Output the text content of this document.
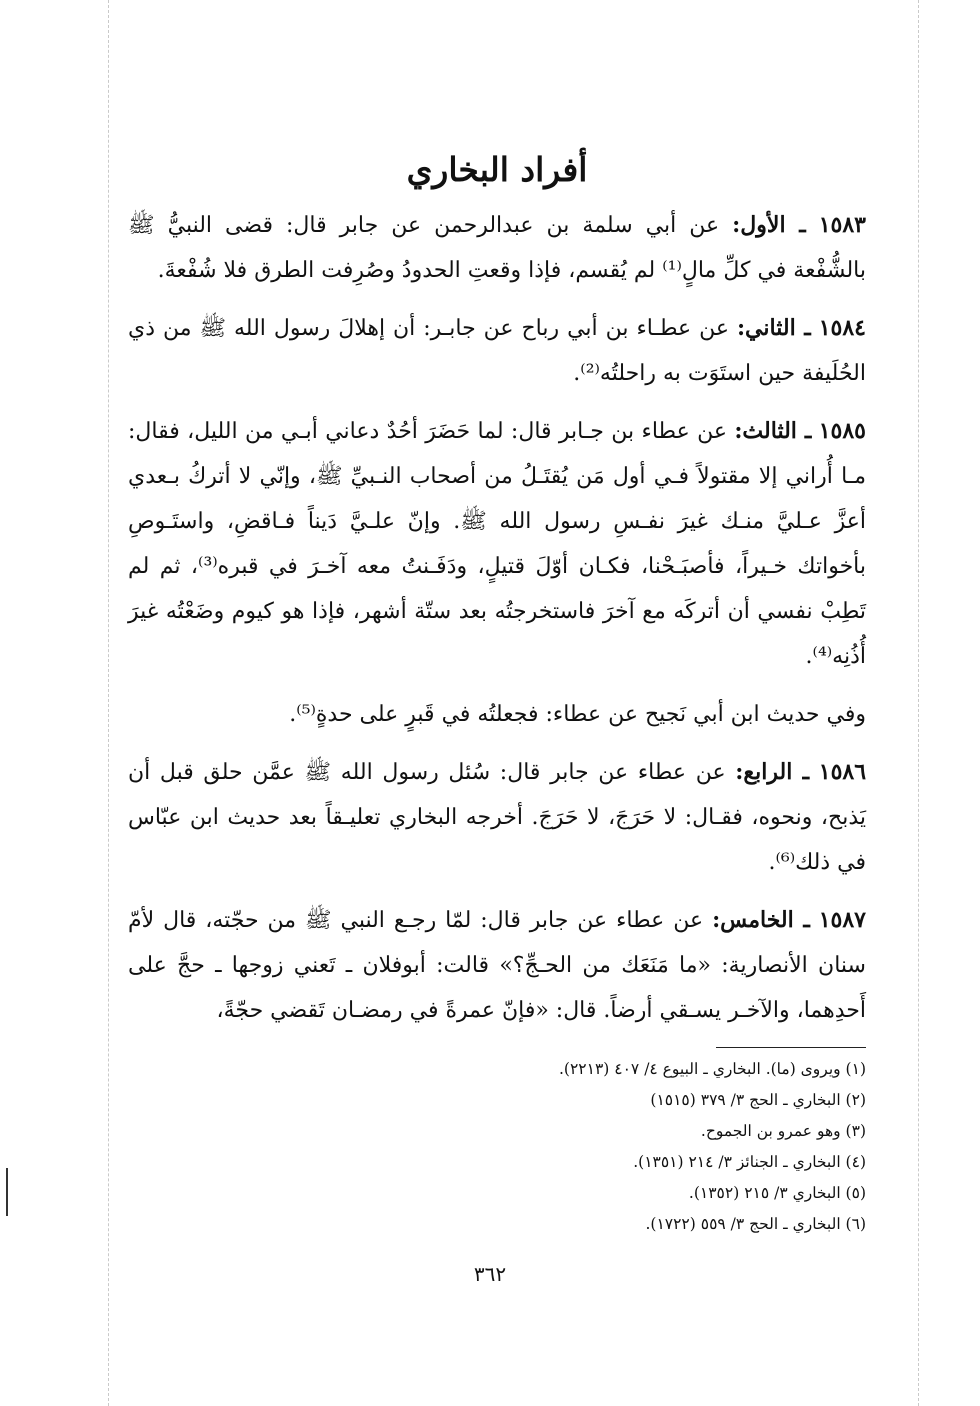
أفراد البخاري

١٥٨٣ ـ الأول: عن أبي سلمة بن عبدالرحمن عن جابر قال: قضى النبيُّ ﷺ بالشُّفْعة في كلِّ مالٍ⁽¹⁾ لم يُقسم، فإذا وقعتِ الحدودُ وصُرِفت الطرق فلا شُفْعةَ.

١٥٨٤ ـ الثاني: عن عطـاء بن أبي رباح عن جابـر: أن إهلالَ رسول الله ﷺ من ذي الحُلَيفة حين استَوَت به راحلتُه⁽²⁾.

١٥٨٥ ـ الثالث: عن عطاء بن جـابر قال: لما حَضَرَ أحُدٌ دعاني أبـي من الليل، فقال: مـا أُراني إلا مقتولاً فـي أول مَن يُقتَـلُ من أصحاب النـبيِّ ﷺ، وإنّي لا أتركُ بـعدي أعزَّ عـليَّ منـك غيرَ نفـسِ رسول الله ﷺ. وإنّ علـيَّ دَيناً فـاقضِ، واستَـوصِ بأخواتك خـيراً، فأصبَـحْنا، فكـان أوّلَ قتيلٍ، ودَفَـنتُ معه آخـرَ في قبره⁽³⁾، ثم لم تَطِبْ نفسي أن أتركَه مع آخرَ فاستخرجتُه بعد ستّة أشهر، فإذا هو كيوم وضَعْتُه غيرَ أُذُنِه⁽⁴⁾.

وفي حديث ابن أبي نَجيح عن عطاء: فجعلتُه في قَبرٍ على حدةٍ⁽⁵⁾.

١٥٨٦ ـ الرابع: عن عطاء عن جابر قال: سُئل رسول الله ﷺ عمَّن حلق قبل أن يَذبح، ونحوه، فقـال: لا حَرَجَ، لا حَرَجَ. أخرجه البخاري تعليـقاً بعد حديث ابن عبّاس في ذلك⁽⁶⁾.

١٥٨٧ ـ الخامس: عن عطاء عن جابر قال: لمّا رجـع النبي ﷺ من حجّته، قال لأمّ سنان الأنصارية: «ما مَنَعَك من الحـجِّ؟» قالت: أبوفلان ـ تَعني زوجها ـ حجَّ على أَحدِهما، والآخـر يسـقي أرضاً. قال: «فإنّ عمرةً في رمضـان تَقضي حجّةً،

(١) ويروى (ما). البخاري ـ البيوع ٤/ ٤٠٧ (٢٢١٣).

(٢) البخاري ـ الحج ٣/ ٣٧٩ (١٥١٥)

(٣) وهو عمرو بن الجموح.

(٤) البخاري ـ الجنائز ٣/ ٢١٤ (١٣٥١).

(٥) البخاري ٣/ ٢١٥ (١٣٥٢).

(٦) البخاري ـ الحج ٣/ ٥٥٩ (١٧٢٢).

٣٦٢
